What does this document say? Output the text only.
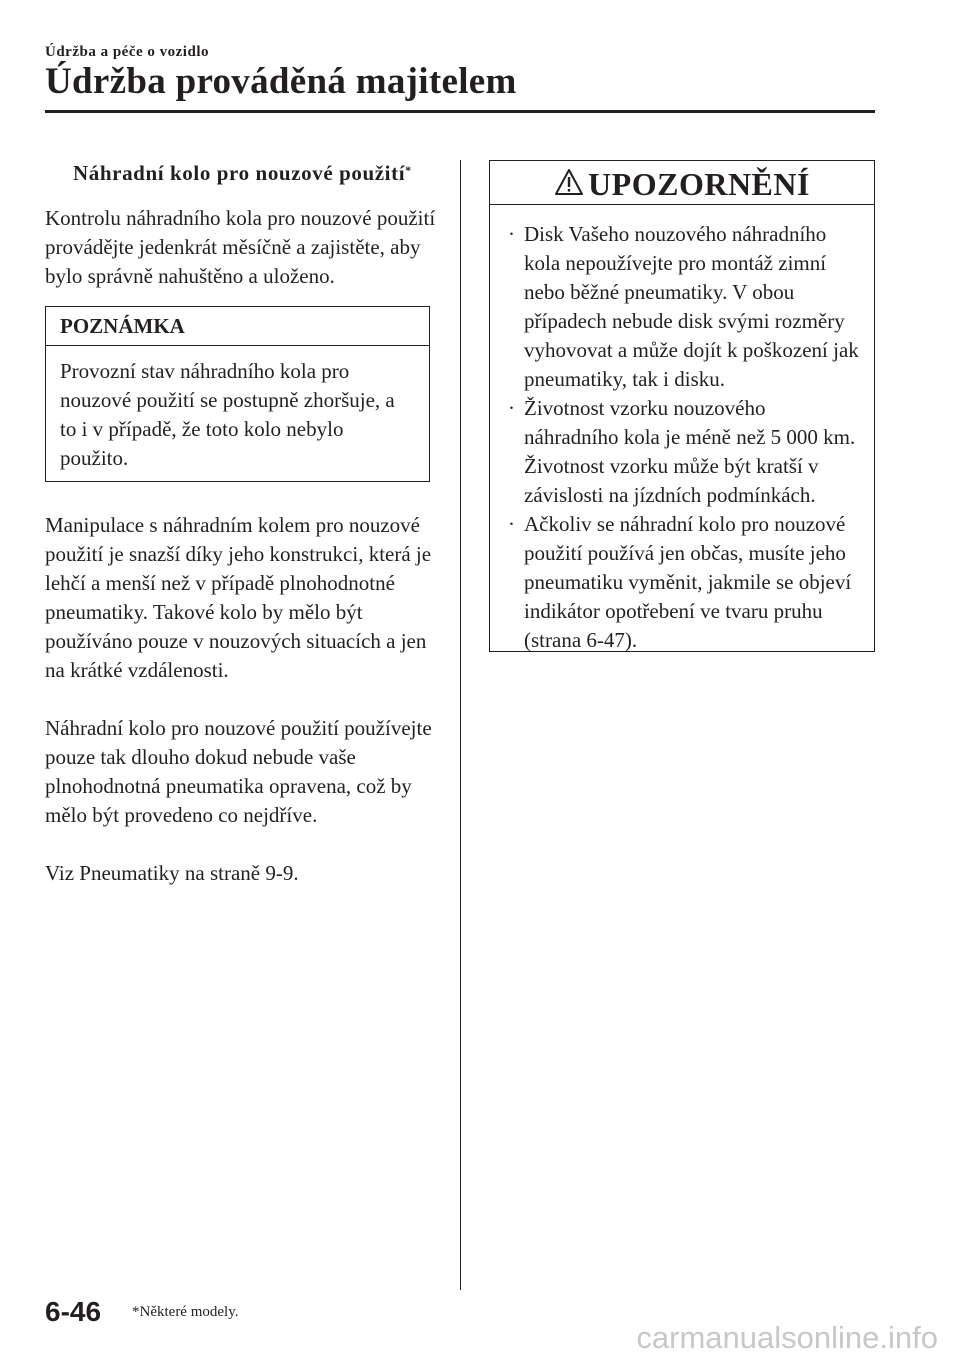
Údržba a péče o vozidlo
Údržba prováděná majitelem
Náhradní kolo pro nouzové použití*

Kontrolu náhradního kola pro nouzové použití provádějte jedenkrát měsíčně a zajistěte, aby bylo správně nahuštěno a uloženo.

POZNÁMKA
Provozní stav náhradního kola pro nouzové použití se postupně zhoršuje, a to i v případě, že toto kolo nebylo použito.

Manipulace s náhradním kolem pro nouzové použití je snazší díky jeho konstrukci, která je lehčí a menší než v případě plnohodnotné pneumatiky. Takové kolo by mělo být používáno pouze v nouzových situacích a jen na krátké vzdálenosti.

Náhradní kolo pro nouzové použití používejte pouze tak dlouho dokud nebude vaše plnohodnotná pneumatika opravena, což by mělo být provedeno co nejdříve.

Viz Pneumatiky na straně 9-9.

UPOZORNĚNÍ
· Disk Vašeho nouzového náhradního kola nepoužívejte pro montáž zimní nebo běžné pneumatiky. V obou případech nebude disk svými rozměry vyhovovat a může dojít k poškození jak pneumatiky, tak i disku.
· Životnost vzorku nouzového náhradního kola je méně než 5 000 km. Životnost vzorku může být kratší v závislosti na jízdních podmínkách.
· Ačkoliv se náhradní kolo pro nouzové použití používá jen občas, musíte jeho pneumatiku vyměnit, jakmile se objeví indikátor opotřebení ve tvaru pruhu (strana 6-47).
6-46 *Některé modely.
carmanualsonline.info
